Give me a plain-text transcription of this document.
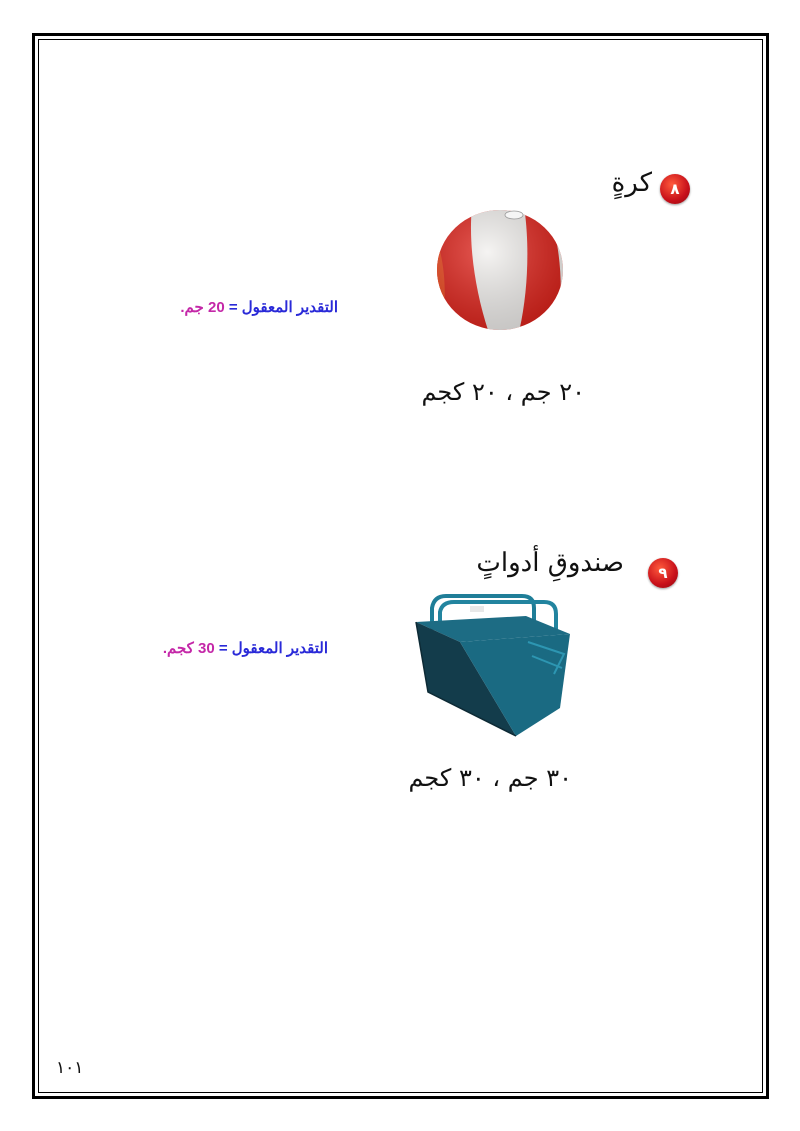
٨
كرةٍ
٢٠ جم ، ٢٠ كجم
التقدير المعقول = 20 جم.
٩
صندوقِ أدواتٍ
٣٠ جم ، ٣٠ كجم
التقدير المعقول = 30 كجم.
١٠١
